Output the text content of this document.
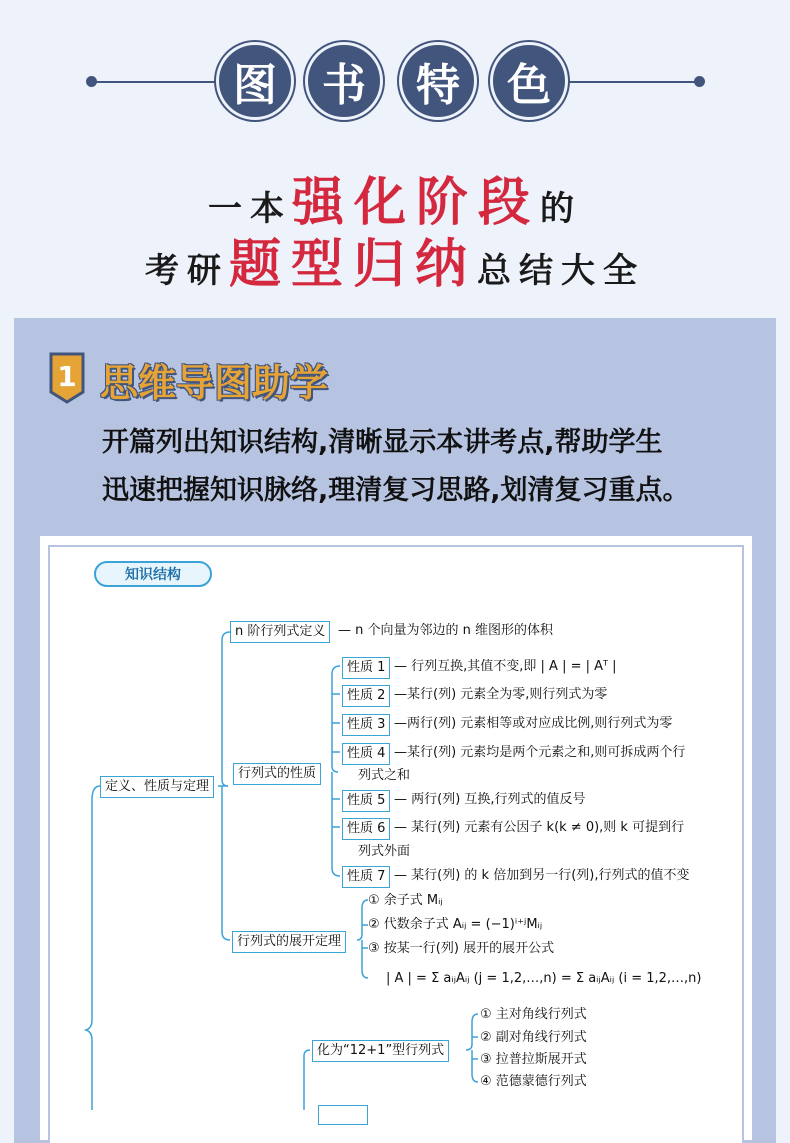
图	书	特	色
一本强化阶段的
考研题型归纳总结大全
1 思维导图助学
开篇列出知识结构,清晰显示本讲考点,帮助学生
迅速把握知识脉络,理清复习思路,划清复习重点。
知识结构
定义、性质与定理
n 阶行列式定义 — n 个向量为邻边的 n 维图形的体积
行列式的性质
性质 1 — 行列互换,其值不变,即 | A | = | Aᵀ |
性质 2 —某行(列) 元素全为零,则行列式为零
性质 3 —两行(列) 元素相等或对应成比例,则行列式为零
性质 4 —某行(列) 元素均是两个元素之和,则可拆成两个行
列式之和
性质 5 — 两行(列) 互换,行列式的值反号
性质 6 — 某行(列) 元素有公因子 k(k ≠ 0),则 k 可提到行
列式外面
性质 7 — 某行(列) 的 k 倍加到另一行(列),行列式的值不变
行列式的展开定理
① 余子式 Mᵢⱼ
② 代数余子式 Aᵢⱼ = (−1)ⁱ⁺ʲMᵢⱼ
③ 按某一行(列) 展开的展开公式
| A | = Σ aᵢⱼAᵢⱼ (j = 1,2,…,n) = Σ aᵢⱼAᵢⱼ (i = 1,2,…,n)
化为“12+1”型行列式
① 主对角线行列式
② 副对角线行列式
③ 拉普拉斯展开式
④ 范德蒙德行列式
